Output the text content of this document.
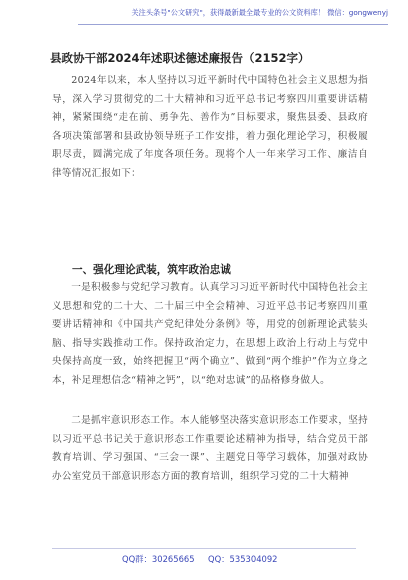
关注头条号"公文研究"，获得最新最全最专业的公文资料库！ 微信：gongwenyj
县政协干部2024年述职述德述廉报告（2152字）

2024年以来，本人坚持以习近平新时代中国特色社会主义思想为指导，深入学习贯彻党的二十大精神和习近平总书记考察四川重要讲话精神，紧紧围绕“走在前、勇争先、善作为”目标要求，聚焦县委、县政府各项决策部署和县政协领导班子工作安排，着力强化理论学习，积极履职尽责，圆满完成了年度各项任务。现将个人一年来学习工作、廉洁自律等情况汇报如下：

一、强化理论武装，筑牢政治忠诚

一是积极参与党纪学习教育。认真学习习近平新时代中国特色社会主义思想和党的二十大、二十届三中全会精神、习近平总书记考察四川重要讲话精神和《中国共产党纪律处分条例》等，用党的创新理论武装头脑、指导实践推动工作。保持政治定力，在思想上政治上行动上与党中央保持高度一致，始终把握卫“两个确立”、做到“两个维护”作为立身之本，补足理想信念“精神之钙”，以“绝对忠诚”的品格修身做人。

二是抓牢意识形态工作。本人能够坚决落实意识形态工作要求，坚持以习近平总书记关于意识形态工作重要论述精神为指导，结合党员干部教育培训、学习强国、“三会一课”、主题党日等学习载体，加强对政协办公室党员干部意识形态方面的教育培训，组织学习党的二十大精神

QQ群：30265665 QQ：535304092
